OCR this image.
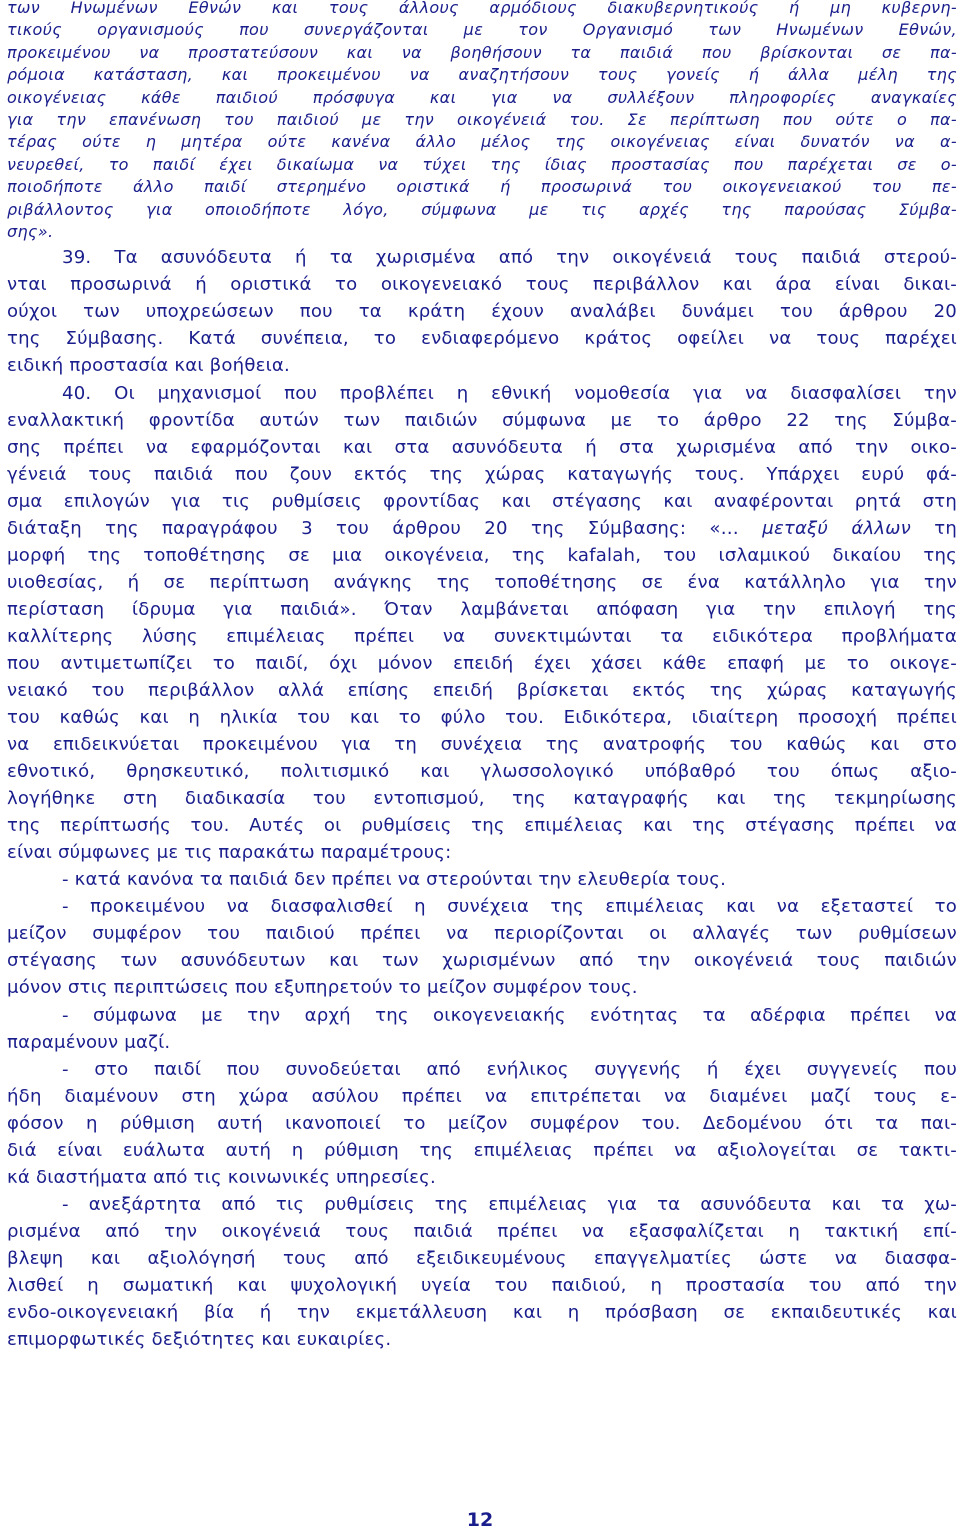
των Ηνωμένων Εθνών και τους άλλους αρμόδιους διακυβερνητικούς ή μη κυβερνη-
τικούς οργανισμούς που συνεργάζονται με τον Οργανισμό των Ηνωμένων Εθνών,
προκειμένου να προστατεύσουν και να βοηθήσουν τα παιδιά που βρίσκονται σε πα-
ρόμοια κατάσταση, και προκειμένου να αναζητήσουν τους γονείς ή άλλα μέλη της
οικογένειας κάθε παιδιού πρόσφυγα και για να συλλέξουν πληροφορίες αναγκαίες
για την επανένωση του παιδιού με την οικογένειά του. Σε περίπτωση που ούτε ο πα-
τέρας ούτε η μητέρα ούτε κανένα άλλο μέλος της οικογένειας είναι δυνατόν να α-
νευρεθεί, το παιδί έχει δικαίωμα να τύχει της ίδιας προστασίας που παρέχεται σε ο-
ποιοδήποτε άλλο παιδί στερημένο οριστικά ή προσωρινά του οικογενειακού του πε-
ριβάλλοντος για οποιοδήποτε λόγο, σύμφωνα με τις αρχές της παρούσας Σύμβα-
σης».
39. Τα ασυνόδευτα ή τα χωρισμένα από την οικογένειά τους παιδιά στερού-
νται προσωρινά ή οριστικά το οικογενειακό τους περιβάλλον και άρα είναι δικαι-
ούχοι των υποχρεώσεων που τα κράτη έχουν αναλάβει δυνάμει του άρθρου 20
της Σύμβασης. Κατά συνέπεια, το ενδιαφερόμενο κράτος οφείλει να τους παρέχει
ειδική προστασία και βοήθεια.
40. Οι μηχανισμοί που προβλέπει η εθνική νομοθεσία για να διασφαλίσει την
εναλλακτική φροντίδα αυτών των παιδιών σύμφωνα με το άρθρο 22 της Σύμβα-
σης πρέπει να εφαρμόζονται και στα ασυνόδευτα ή στα χωρισμένα από την οικο-
γένειά τους παιδιά που ζουν εκτός της χώρας καταγωγής τους. Υπάρχει ευρύ φά-
σμα επιλογών για τις ρυθμίσεις φροντίδας και στέγασης και αναφέρονται ρητά στη
διάταξη της παραγράφου 3 του άρθρου 20 της Σύμβασης: «… μεταξύ άλλων τη
μορφή της τοποθέτησης σε μια οικογένεια, της kafalah, του ισλαμικού δικαίου της
υιοθεσίας, ή σε περίπτωση ανάγκης της τοποθέτησης σε ένα κατάλληλο για την
περίσταση ίδρυμα για παιδιά». Όταν λαμβάνεται απόφαση για την επιλογή της
καλλίτερης λύσης επιμέλειας πρέπει να συνεκτιμώνται τα ειδικότερα προβλήματα
που αντιμετωπίζει το παιδί, όχι μόνον επειδή έχει χάσει κάθε επαφή με το οικογε-
νειακό του περιβάλλον αλλά επίσης επειδή βρίσκεται εκτός της χώρας καταγωγής
του καθώς και η ηλικία του και το φύλο του. Ειδικότερα, ιδιαίτερη προσοχή πρέπει
να επιδεικνύεται προκειμένου για τη συνέχεια της ανατροφής του καθώς και στο
εθνοτικό, θρησκευτικό, πολιτισμικό και γλωσσολογικό υπόβαθρό του όπως αξιο-
λογήθηκε στη διαδικασία του εντοπισμού, της καταγραφής και της τεκμηρίωσης
της περίπτωσής του. Αυτές οι ρυθμίσεις της επιμέλειας και της στέγασης πρέπει να
είναι σύμφωνες με τις παρακάτω παραμέτρους:
- κατά κανόνα τα παιδιά δεν πρέπει να στερούνται την ελευθερία τους.
- προκειμένου να διασφαλισθεί η συνέχεια της επιμέλειας και να εξεταστεί το
μείζον συμφέρον του παιδιού πρέπει να περιορίζονται οι αλλαγές των ρυθμίσεων
στέγασης των ασυνόδευτων και των χωρισμένων από την οικογένειά τους παιδιών
μόνον στις περιπτώσεις που εξυπηρετούν το μείζον συμφέρον τους.
- σύμφωνα με την αρχή της οικογενειακής ενότητας τα αδέρφια πρέπει να
παραμένουν μαζί.
- στο παιδί που συνοδεύεται από ενήλικος συγγενής ή έχει συγγενείς που
ήδη διαμένουν στη χώρα ασύλου πρέπει να επιτρέπεται να διαμένει μαζί τους ε-
φόσον η ρύθμιση αυτή ικανοποιεί το μείζον συμφέρον του. Δεδομένου ότι τα παι-
διά είναι ευάλωτα αυτή η ρύθμιση της επιμέλειας πρέπει να αξιολογείται σε τακτι-
κά διαστήματα από τις κοινωνικές υπηρεσίες.
- ανεξάρτητα από τις ρυθμίσεις της επιμέλειας για τα ασυνόδευτα και τα χω-
ρισμένα από την οικογένειά τους παιδιά πρέπει να εξασφαλίζεται η τακτική επί-
βλεψη και αξιολόγησή τους από εξειδικευμένους επαγγελματίες ώστε να διασφα-
λισθεί η σωματική και ψυχολογική υγεία του παιδιού, η προστασία του από την
ενδο-οικογενειακή βία ή την εκμετάλλευση και η πρόσβαση σε εκπαιδευτικές και
επιμορφωτικές δεξιότητες και ευκαιρίες.
12
